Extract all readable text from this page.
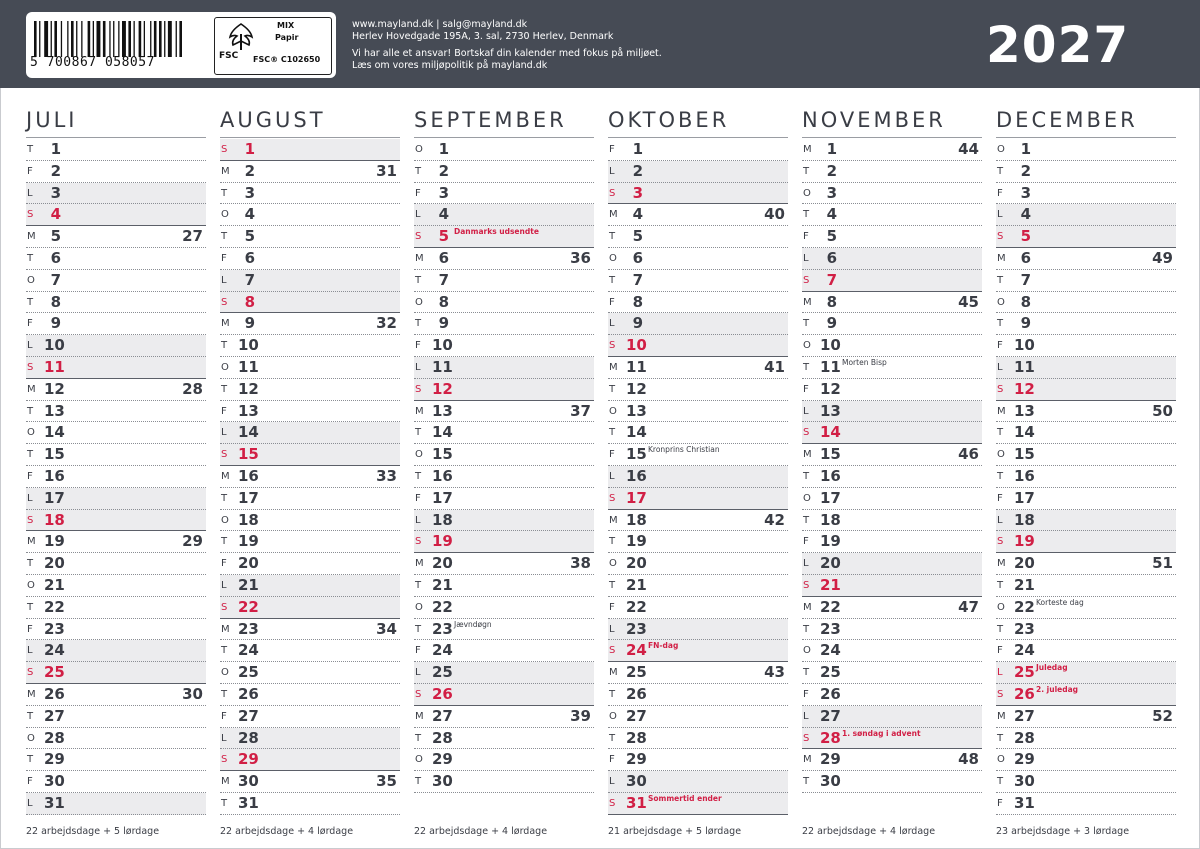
5 700867 058057	FSC
MIX
Papir
FSC® C102650
www.mayland.dk | salg@mayland.dk
Herlev Hovedgade 195A, 3. sal, 2730 Herlev, Denmark
Vi har alle et ansvar! Bortskaf din kalender med fokus på miljøet.
Læs om vores miljøpolitik på mayland.dk	2027
JULI
T	1
F	2
L	3
S	4
M 5	27
T	6
O	7
T	8
F	9
L 10
S 11
M 12	28
T 13
O 14
T 15
F 16
L 17
S 18
M 19	29
T 20
O 21
T 22
F 23
L 24
S 25
M 26	30
T 27
O 28
T 29
F 30
L 31
AUGUST
S	1
M 2	31
T	3
O	4
T	5
F	6
L	7
S	8
M 9	32
T 10
O 11
T 12
F 13
L 14
S 15
M 16	33
T 17
O 18
T 19
F 20
L 21
S 22
M 23	34
T 24
O 25
T 26
F 27
L 28
S 29
M 30	35
T 31
SEPTEMBER
O	1
T	2
F	3
L	4
S	5 Danmarks udsendte
M 6	36
T	7
O	8
T	9
F 10
L 11
S 12
M 13	37
T 14
O 15
T 16
F 17
L 18
S 19
M 20	38
T 21
O 22
T 23 Jævndøgn
F 24
L 25
S 26
M 27	39
T 28
O 29
T 30
OKTOBER
F	1
L	2
S	3
M 4	40
T	5
O	6
T	7
F	8
L	9
S 10
M 11	41
T 12
O 13
T 14
F 15 Kronprins Christian
L 16
S 17
M 18	42
T 19
O 20
T 21
F 22
L 23
S 24 FN-dag
M 25	43
T 26
O 27
T 28
F 29
L 30
S 31 Sommertid ender
NOVEMBER
M 1	44
T	2
O	3
T	4
F	5
L	6
S	7
M 8	45
T	9
O 10
T 11 Morten Bisp
F 12
L 13
S 14
M 15	46
T 16
O 17
T 18
F 19
L 20
S 21
M 22	47
T 23
O 24
T 25
F 26
L 27
S 28 1. søndag i advent
M 29	48
T 30
DECEMBER
O	1
T	2
F	3
L	4
S	5
M 6	49
T	7
O	8
T	9
F 10
L 11
S 12
M 13	50
T 14
O 15
T 16
F 17
L 18
S 19
M 20	51
T 21
O 22 Korteste dag
T 23
F 24
L 25 Juledag
S 26 2. juledag
M 27	52
T 28
O 29
T 30
F 31
22 arbejdsdage + 5 lørdage	22 arbejdsdage + 4 lørdage	22 arbejdsdage + 4 lørdage	21 arbejdsdage + 5 lørdage	22 arbejdsdage + 4 lørdage	23 arbejdsdage + 3 lørdage
